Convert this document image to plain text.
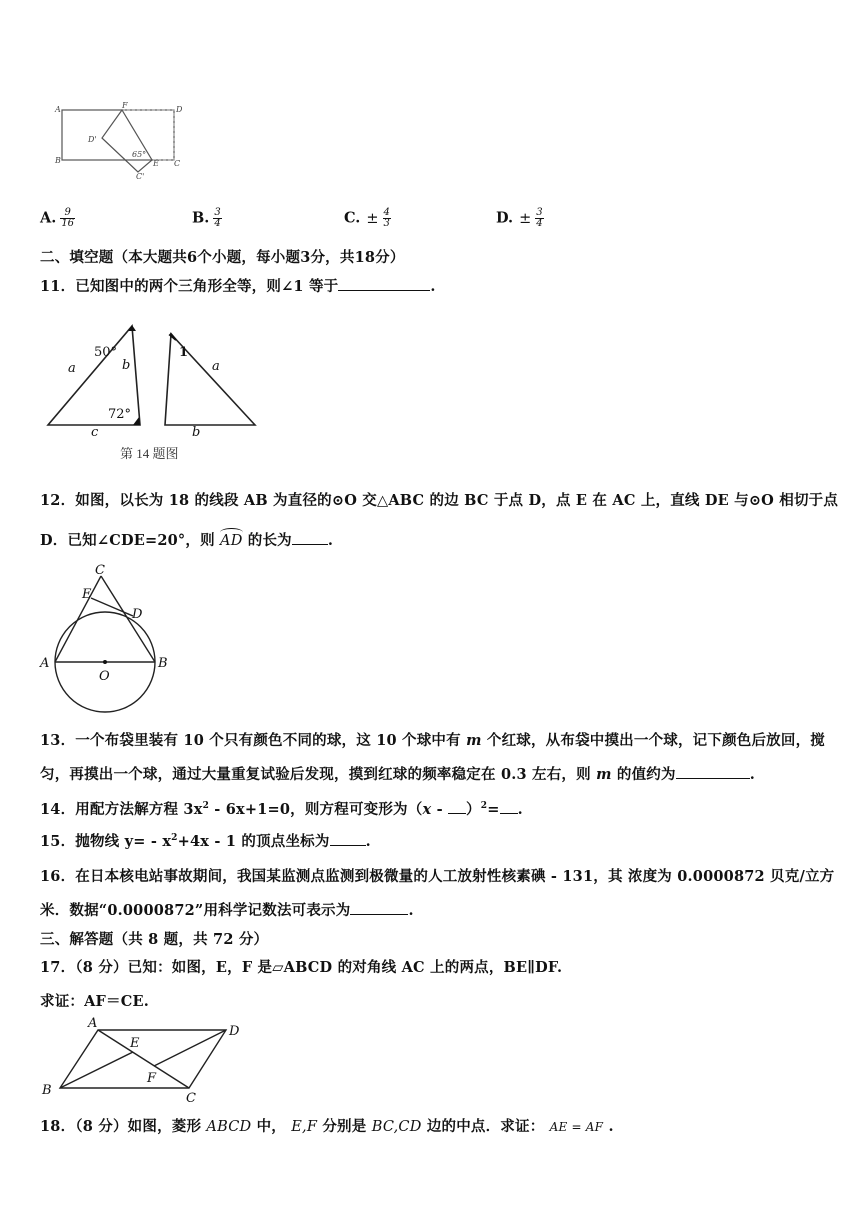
A	F	D
B
D'
65°
E C
C'
A. $\frac{9}{16}$	B. $\frac{3}{4}$	C. ± $\frac{4}{3}$	D. ± $\frac{3}{4}$
二、填空题（本大题共6个小题，每小题3分，共18分）
11．已知图中的两个三角形全等，则∠1 等于	.
50°
72°
1
a	b
c
a
b
第 14 题图
12．如图，以长为 18 的线段 AB 为直径的⊙O 交△ABC 的边 BC 于点 D，点 E 在 AC 上，直线 DE 与⊙O 相切于点
D．已知∠CDE=20°，则 AD 的长为 .
C
E
D
A	B
O
13．一个布袋里装有 10 个只有颜色不同的球，这 10 个球中有 m 个红球，从布袋中摸出一个球，记下颜色后放回，搅
匀，再摸出一个球，通过大量重复试验后发现，摸到红球的频率稳定在 0.3 左右，则 m 的值约为	.
14．用配方法解方程 $3x^2 - 6x+1=0$，则方程可变形为（x - ）$^2$= .
15．抛物线 $y= - x^2+4x - 1$ 的顶点坐标为 .
16．在日本核电站事故期间，我国某监测点监测到极微量的人工放射性核素碘 - 131，其 浓度为 0.0000872 贝克/立方
米．数据“0.0000872”用科学记数法可表示为	.
三、解答题（共 8 题，共 72 分）
17．（8 分）已知：如图，E，F 是▱ABCD 的对角线 AC 上的两点，BE∥DF.
求证：AF＝CE.
A
D
E
F
B
C
18．（8 分）如图，菱形 ABCD 中， E,F 分别是 BC,CD 边的中点．求证： AE = AF .
